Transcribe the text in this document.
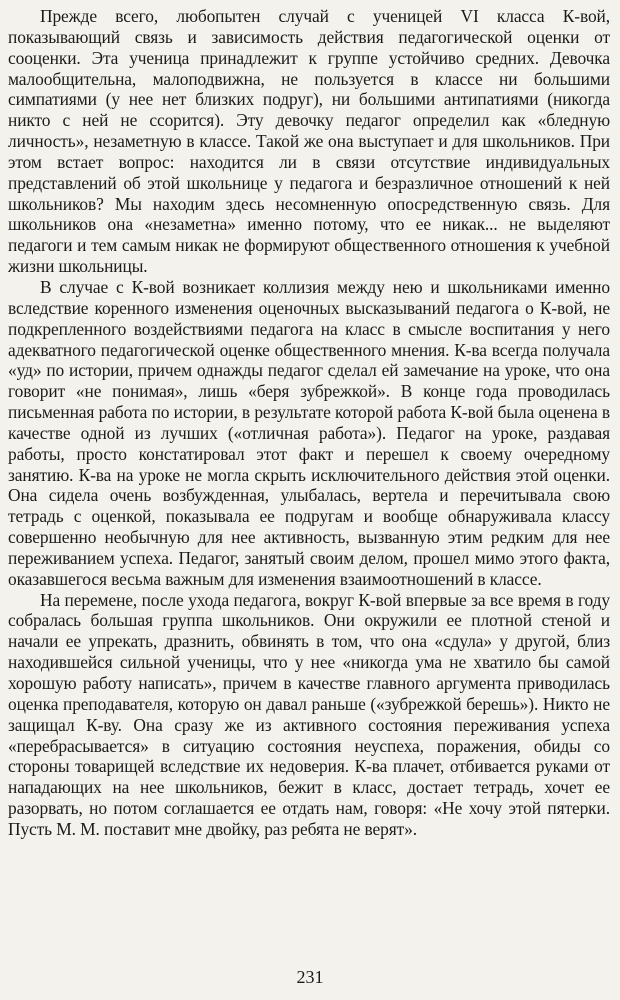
Прежде всего, любопытен случай с ученицей VI класса К-вой, показывающий связь и зависимость действия педагогической оценки от сооценки. Эта ученица принадлежит к группе устойчиво средних. Девочка малообщительна, малоподвижна, не пользуется в классе ни большими симпатиями (у нее нет близких подруг), ни большими антипатиями (никогда никто с ней не ссорится). Эту девочку педагог определил как «бледную личность», незаметную в классе. Такой же она выступает и для школьников. При этом встает вопрос: находится ли в связи отсутствие индивидуальных представлений об этой школьнице у педагога и безразличное отношений к ней школьников? Мы находим здесь несомненную опосредственную связь. Для школьников она «незаметна» именно потому, что ее никак... не выделяют педагоги и тем самым никак не формируют общественного отношения к учебной жизни школьницы.

В случае с К-вой возникает коллизия между нею и школьниками именно вследствие коренного изменения оценочных высказываний педагога о К-вой, не подкрепленного воздействиями педагога на класс в смысле воспитания у него адекватного педагогической оценке общественного мнения. К-ва всегда получала «уд» по истории, причем однажды педагог сделал ей замечание на уроке, что она говорит «не понимая», лишь «беря зубрежкой». В конце года проводилась письменная работа по истории, в результате которой работа К-вой была оценена в качестве одной из лучших («отличная работа»). Педагог на уроке, раздавая работы, просто констатировал этот факт и перешел к своему очередному занятию. К-ва на уроке не могла скрыть исключительного действия этой оценки. Она сидела очень возбужденная, улыбалась, вертела и перечитывала свою тетрадь с оценкой, показывала ее подругам и вообще обнаруживала классу совершенно необычную для нее активность, вызванную этим редким для нее переживанием успеха. Педагог, занятый своим делом, прошел мимо этого факта, оказавшегося весьма важным для изменения взаимоотношений в классе.

На перемене, после ухода педагога, вокруг К-вой впервые за все время в году собралась большая группа школьников. Они окружили ее плотной стеной и начали ее упрекать, дразнить, обвинять в том, что она «сдула» у другой, близ находившейся сильной ученицы, что у нее «никогда ума не хватило бы самой хорошую работу написать», причем в качестве главного аргумента приводилась оценка преподавателя, которую он давал раньше («зубрежкой берешь»). Никто не защищал К-ву. Она сразу же из активного состояния переживания успеха «перебрасывается» в ситуацию состояния неуспеха, поражения, обиды со стороны товарищей вследствие их недоверия. К-ва плачет, отбивается руками от нападающих на нее школьников, бежит в класс, достает тетрадь, хочет ее разорвать, но потом соглашается ее отдать нам, говоря: «Не хочу этой пятерки. Пусть М. М. поставит мне двойку, раз ребята не верят».

231
